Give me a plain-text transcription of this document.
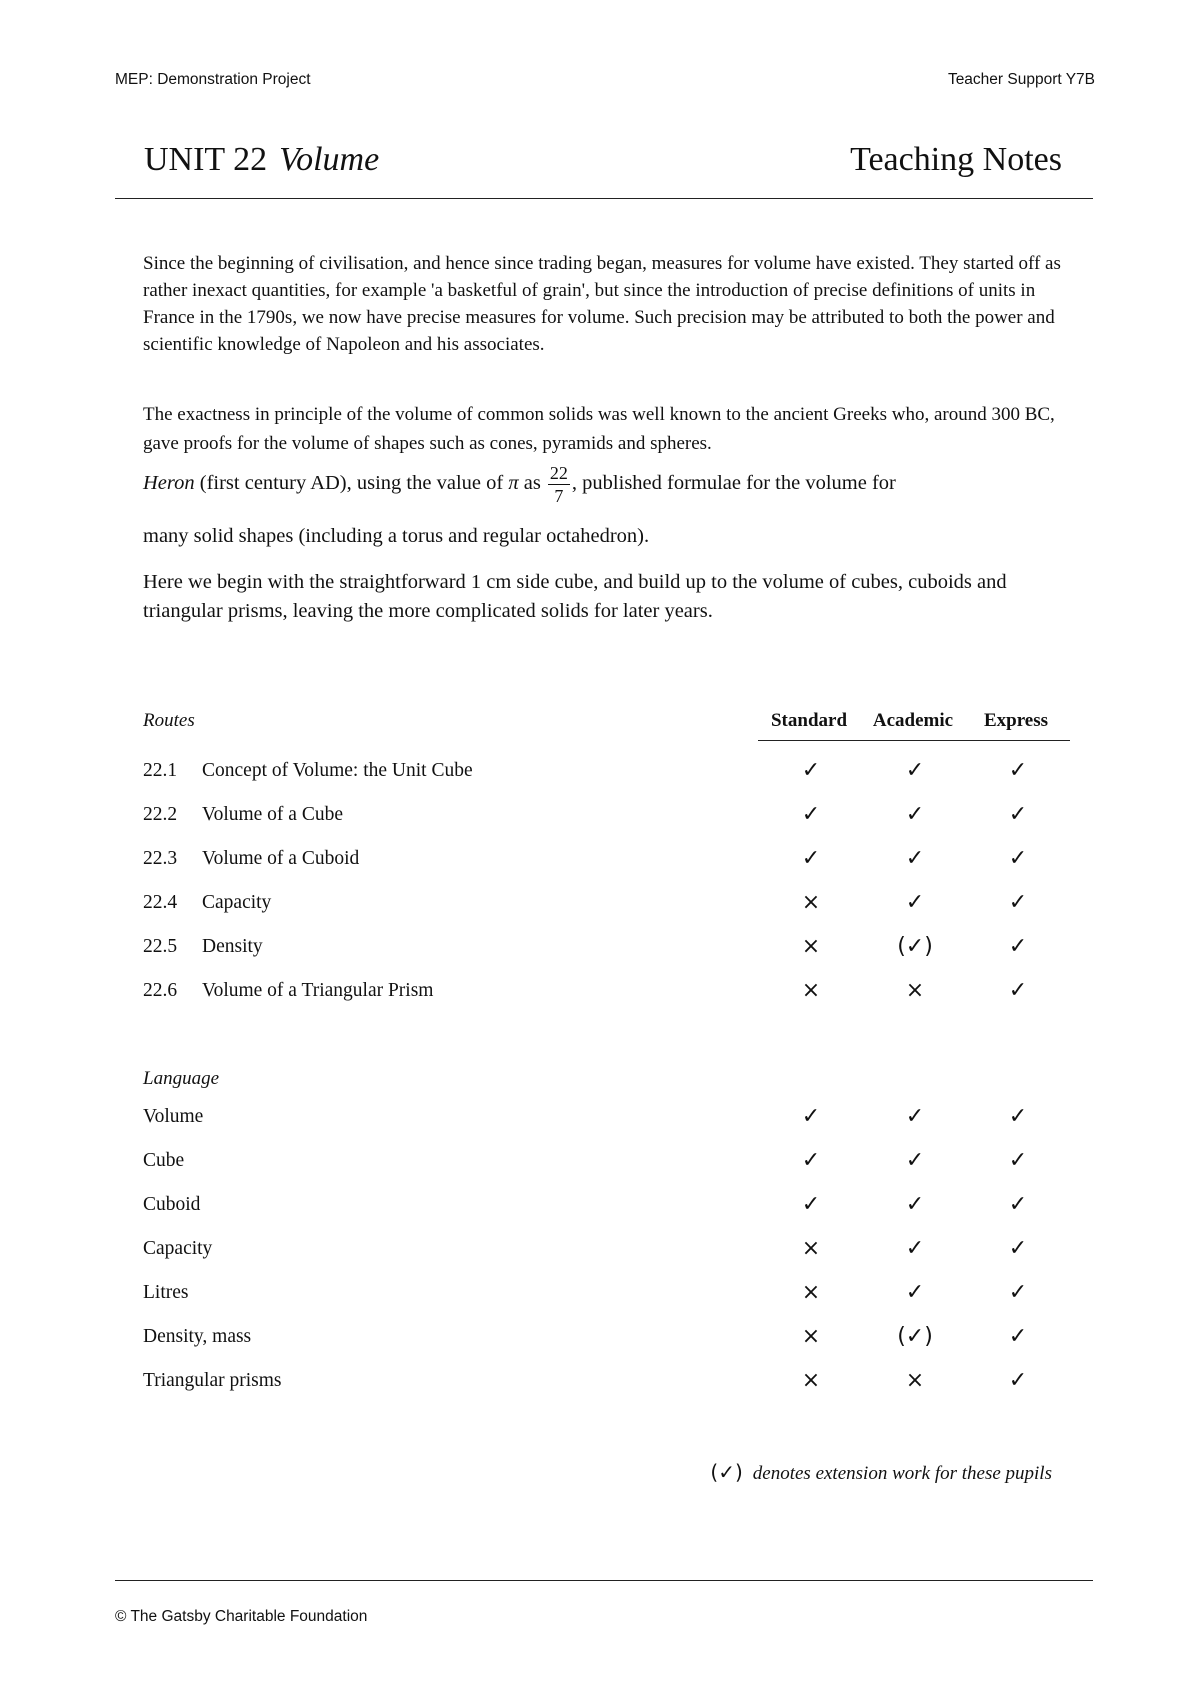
MEP: Demonstration Project	Teacher Support Y7B
UNIT 22 Volume	Teaching Notes

Since the beginning of civilisation, and hence since trading began, measures for volume have existed. They started off as rather inexact quantities, for example 'a basketful of grain', but since the introduction of precise definitions of units in France in the 1790s, we now have precise measures for volume. Such precision may be attributed to both the power and scientific knowledge of Napoleon and his associates.

The exactness in principle of the volume of common solids was well known to the ancient Greeks who, around 300 BC, gave proofs for the volume of shapes such as cones, pyramids and spheres.

Heron (first century AD), using the value of π as $\frac{22}{7}$ , published formulae for the volume for
many solid shapes (including a torus and regular octahedron).

Here we begin with the straightforward 1 cm side cube, and build up to the volume of cubes, cuboids and triangular prisms, leaving the more complicated solids for later years.

Routes	Standard	Academic	Express
22.1 Concept of Volume: the Unit Cube	✓	✓	✓
22.2 Volume of a Cube	✓	✓	✓
22.3 Volume of a Cuboid	✓	✓	✓
22.4 Capacity	×	✓	✓
22.5 Density	×	(✓)	✓
22.6 Volume of a Triangular Prism	×	×	✓
Language
Volume	✓	✓	✓
Cube	✓	✓	✓
Cuboid	✓	✓	✓
Capacity	×	✓	✓
Litres	×	✓	✓
Density, mass	×	(✓)	✓
Triangular prisms	×	×	✓
(✓) denotes extension work for these pupils
© The Gatsby Charitable Foundation
